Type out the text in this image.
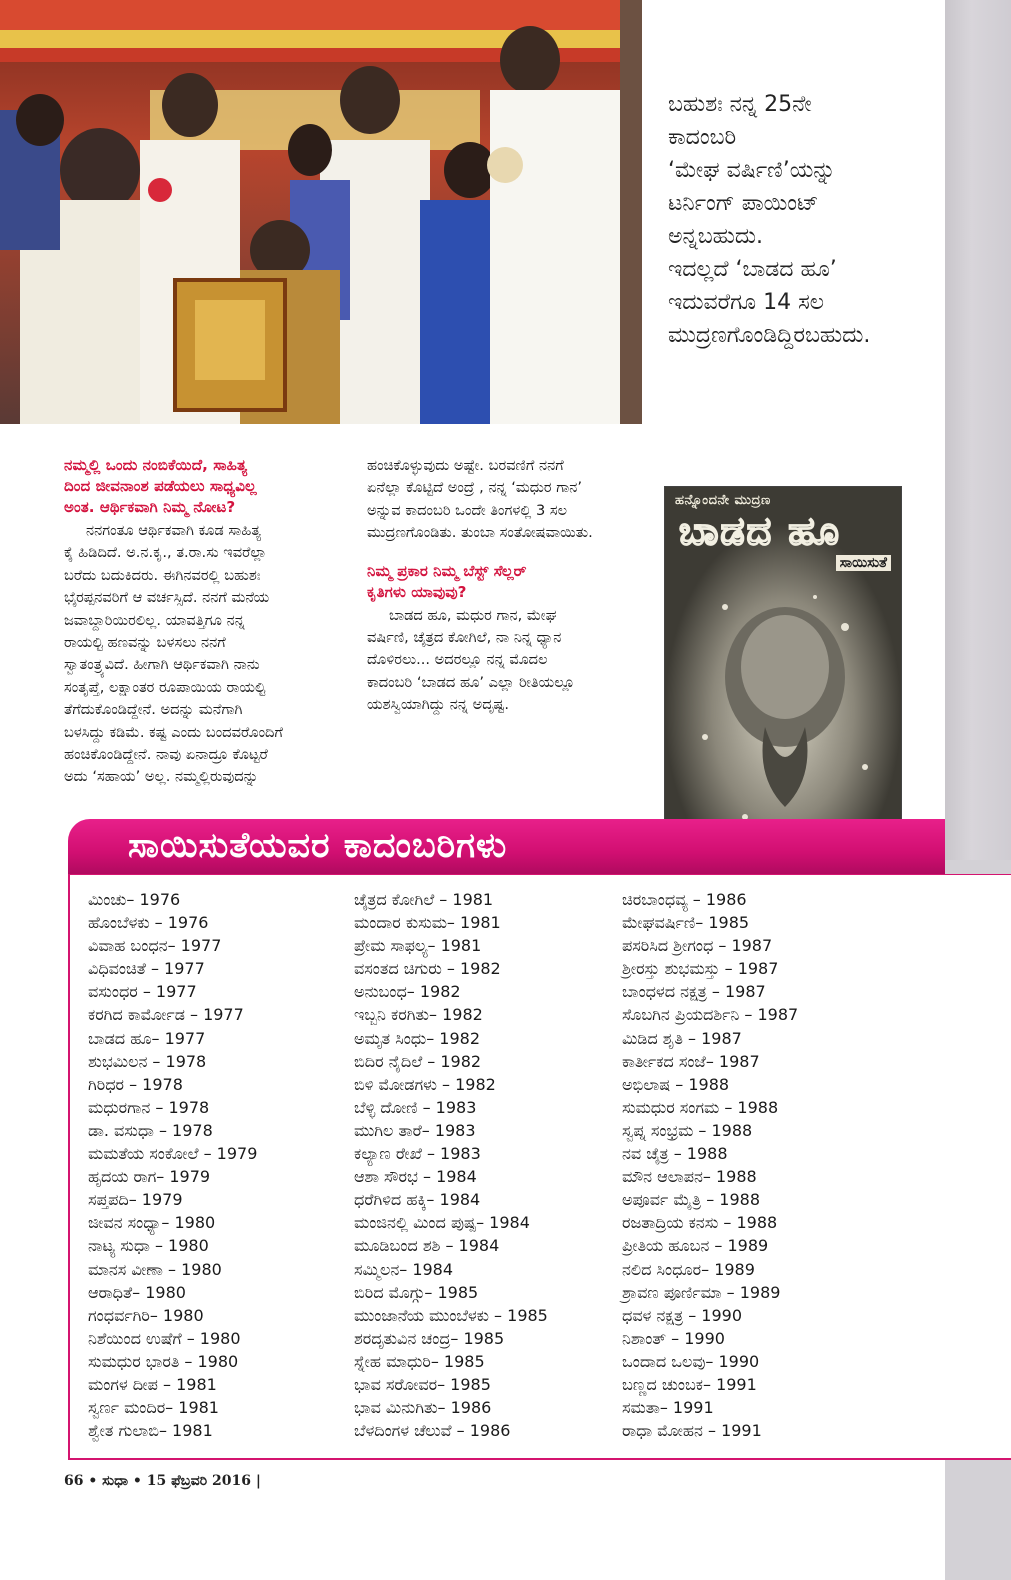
ಬಹುಶಃ ನನ್ನ 25ನೇ
ಕಾದಂಬರಿ
‘ಮೇಘ ವರ್ಷಿಣಿ’ಯನ್ನು
ಟರ್ನಿಂಗ್ ಪಾಯಿಂಟ್
ಅನ್ನಬಹುದು.
ಇದಲ್ಲದೆ ‘ಬಾಡದ ಹೂ’
ಇದುವರೆಗೂ 14 ಸಲ
ಮುದ್ರಣಗೊಂಡಿದ್ದಿರಬಹುದು.
ನಮ್ಮಲ್ಲಿ ಒಂದು ನಂಬಿಕೆಯಿದೆ, ಸಾಹಿತ್ಯ
ದಿಂದ ಜೀವನಾಂಶ ಪಡೆಯಲು ಸಾಧ್ಯವಿಲ್ಲ
ಅಂತ. ಆರ್ಥಿಕವಾಗಿ ನಿಮ್ಮ ನೋಟ?
ನನಗಂತೂ ಆರ್ಥಿಕವಾಗಿ ಕೂಡ ಸಾಹಿತ್ಯ
ಕೈ ಹಿಡಿದಿದೆ. ಅ.ನ.ಕೃ., ತ.ರಾ.ಸು ಇವರೆಲ್ಲಾ
ಬರೆದು ಬದುಕಿದರು. ಈಗಿನವರಲ್ಲಿ ಬಹುಶಃ
ಭೈರಪ್ಪನವರಿಗೆ ಆ ವರ್ಚಸ್ಸಿದೆ. ನನಗೆ ಮನೆಯ
ಜವಾಬ್ದಾರಿಯಿರಲಿಲ್ಲ. ಯಾವತ್ತಿಗೂ ನನ್ನ
ರಾಯಲ್ಟಿ ಹಣವನ್ನು ಬಳಸಲು ನನಗೆ
ಸ್ವಾತಂತ್ರ್ಯವಿದೆ. ಹೀಗಾಗಿ ಆರ್ಥಿಕವಾಗಿ ನಾನು
ಸಂತೃಪ್ತೆ, ಲಕ್ಷಾಂತರ ರೂಪಾಯಿಯ ರಾಯಲ್ಟಿ
ತೆಗೆದುಕೊಂಡಿದ್ದೇನೆ. ಅದನ್ನು ಮನೆಗಾಗಿ
ಬಳಸಿದ್ದು ಕಡಿಮೆ. ಕಷ್ಟ ಎಂದು ಬಂದವರೊಂದಿಗೆ
ಹಂಚಿಕೊಂಡಿದ್ದೇನೆ. ನಾವು ಏನಾದ್ರೂ ಕೊಟ್ಟರೆ
ಅದು ‘ಸಹಾಯ’ ಅಲ್ಲ. ನಮ್ಮಲ್ಲಿರುವುದನ್ನು
ಹಂಚಿಕೊಳ್ಳುವುದು ಅಷ್ಟೇ. ಬರವಣಿಗೆ ನನಗೆ
ಏನೆಲ್ಲಾ ಕೊಟ್ಟಿದೆ ಅಂದ್ರೆ , ನನ್ನ ‘ಮಧುರ ಗಾನ’
ಅನ್ನುವ ಕಾದಂಬರಿ ಒಂದೇ ತಿಂಗಳಲ್ಲಿ 3 ಸಲ
ಮುದ್ರಣಗೊಂಡಿತು. ತುಂಬಾ ಸಂತೋಷವಾಯಿತು.
ನಿಮ್ಮ ಪ್ರಕಾರ ನಿಮ್ಮ ಬೆಸ್ಟ್ ಸೆಲ್ಲರ್
ಕೃತಿಗಳು ಯಾವುವು?
ಬಾಡದ ಹೂ, ಮಧುರ ಗಾನ, ಮೇಘ
ವರ್ಷಿಣಿ, ಚೈತ್ರದ ಕೋಗಿಲೆ, ನಾ ನಿನ್ನ ಧ್ಯಾನ
ದೊಳಿರಲು... ಅದರಲ್ಲೂ ನನ್ನ ಮೊದಲ
ಕಾದಂಬರಿ ‘ಬಾಡದ ಹೂ’ ಎಲ್ಲಾ ರೀತಿಯಲ್ಲೂ
ಯಶಸ್ವಿಯಾಗಿದ್ದು ನನ್ನ ಅದೃಷ್ಟ.
ಹನ್ನೊಂದನೇ ಮುದ್ರಣ
ಬಾಡದ ಹೂ
ಸಾಯಿಸುತೆ
ಸಾಯಿಸುತೆಯವರ ಕಾದಂಬರಿಗಳು
ಮಿಂಚು– 1976
ಹೊಂಬೆಳಕು – 1976
ವಿವಾಹ ಬಂಧನ– 1977
ವಿಧಿವಂಚಿತೆ – 1977
ವಸುಂಧರ – 1977
ಕರಗಿದ ಕಾರ್ಮೋಡ – 1977
ಬಾಡದ ಹೂ– 1977
ಶುಭಮಿಲನ – 1978
ಗಿರಿಧರ – 1978
ಮಧುರಗಾನ – 1978
ಡಾ. ವಸುಧಾ – 1978
ಮಮತೆಯ ಸಂಕೋಲೆ – 1979
ಹೃದಯ ರಾಗ– 1979
ಸಪ್ತಪದಿ– 1979
ಜೀವನ ಸಂಧ್ಯಾ– 1980
ನಾಟ್ಯ ಸುಧಾ – 1980
ಮಾನಸ ವೀಣಾ – 1980
ಆರಾಧಿತೆ– 1980
ಗಂಧರ್ವಗಿರಿ– 1980
ನಿಶೆಯಿಂದ ಉಷೆಗೆ – 1980
ಸುಮಧುರ ಭಾರತಿ – 1980
ಮಂಗಳ ದೀಪ – 1981
ಸ್ವರ್ಣ ಮಂದಿರ– 1981
ಶ್ವೇತ ಗುಲಾಬಿ– 1981
ಚೈತ್ರದ ಕೋಗಿಲೆ – 1981
ಮಂದಾರ ಕುಸುಮ– 1981
ಪ್ರೇಮ ಸಾಫಲ್ಯ– 1981
ವಸಂತದ ಚಿಗುರು – 1982
ಅನುಬಂಧ– 1982
ಇಬ್ಬನಿ ಕರಗಿತು– 1982
ಅಮೃತ ಸಿಂಧು– 1982
ಬಿದಿರ ನೈದಿಲೆ – 1982
ಬಿಳಿ ಮೋಡಗಳು – 1982
ಬೆಳ್ಳಿ ದೋಣಿ – 1983
ಮುಗಿಲ ತಾರೆ– 1983
ಕಲ್ಯಾಣ ರೇಖೆ – 1983
ಆಶಾ ಸೌರಭ – 1984
ಧರೆಗಿಳಿದ ಹಕ್ಕಿ– 1984
ಮಂಜಿನಲ್ಲಿ ಮಿಂದ ಪುಷ್ಪ– 1984
ಮೂಡಿಬಂದ ಶಶಿ – 1984
ಸಮ್ಮಿಲನ– 1984
ಬಿರಿದ ಮೊಗ್ಗು– 1985
ಮುಂಜಾನೆಯ ಮುಂಬೆಳಕು – 1985
ಶರದೃತುವಿನ ಚಂದ್ರ– 1985
ಸ್ನೇಹ ಮಾಧುರಿ– 1985
ಭಾವ ಸರೋವರ– 1985
ಭಾವ ಮಿನುಗಿತು– 1986
ಬೆಳದಿಂಗಳ ಚೆಲುವೆ – 1986
ಚಿರಬಾಂಧವ್ಯ – 1986
ಮೇಘವರ್ಷಿಣಿ– 1985
ಪಸರಿಸಿದ ಶ್ರೀಗಂಧ – 1987
ಶ್ರೀರಸ್ತು ಶುಭಮಸ್ತು – 1987
ಬಾಂಧಳದ ನಕ್ಷತ್ರ – 1987
ಸೊಬಗಿನ ಪ್ರಿಯದರ್ಶಿನಿ – 1987
ಮಿಡಿದ ಶೃತಿ – 1987
ಕಾರ್ತೀಕದ ಸಂಜೆ– 1987
ಅಭಿಲಾಷ – 1988
ಸುಮಧುರ ಸಂಗಮ – 1988
ಸ್ವಪ್ನ ಸಂಭ್ರಮ – 1988
ನವ ಚೈತ್ರ – 1988
ಮೌನ ಆಲಾಪನ– 1988
ಅಪೂರ್ವ ಮೈತ್ರಿ – 1988
ರಜತಾದ್ರಿಯ ಕನಸು – 1988
ಪ್ರೀತಿಯ ಹೂಬನ – 1989
ನಲಿದ ಸಿಂಧೂರ– 1989
ಶ್ರಾವಣ ಪೂರ್ಣಿಮಾ – 1989
ಧವಳ ನಕ್ಷತ್ರ – 1990
ನಿಶಾಂತ್ – 1990
ಒಂದಾದ ಒಲವು– 1990
ಬಣ್ಣದ ಚುಂಬಕ– 1991
ಸಮತಾ– 1991
ರಾಧಾ ಮೋಹನ – 1991
66 • ಸುಧಾ • 15 ಫೆಬ್ರವರಿ 2016 |
